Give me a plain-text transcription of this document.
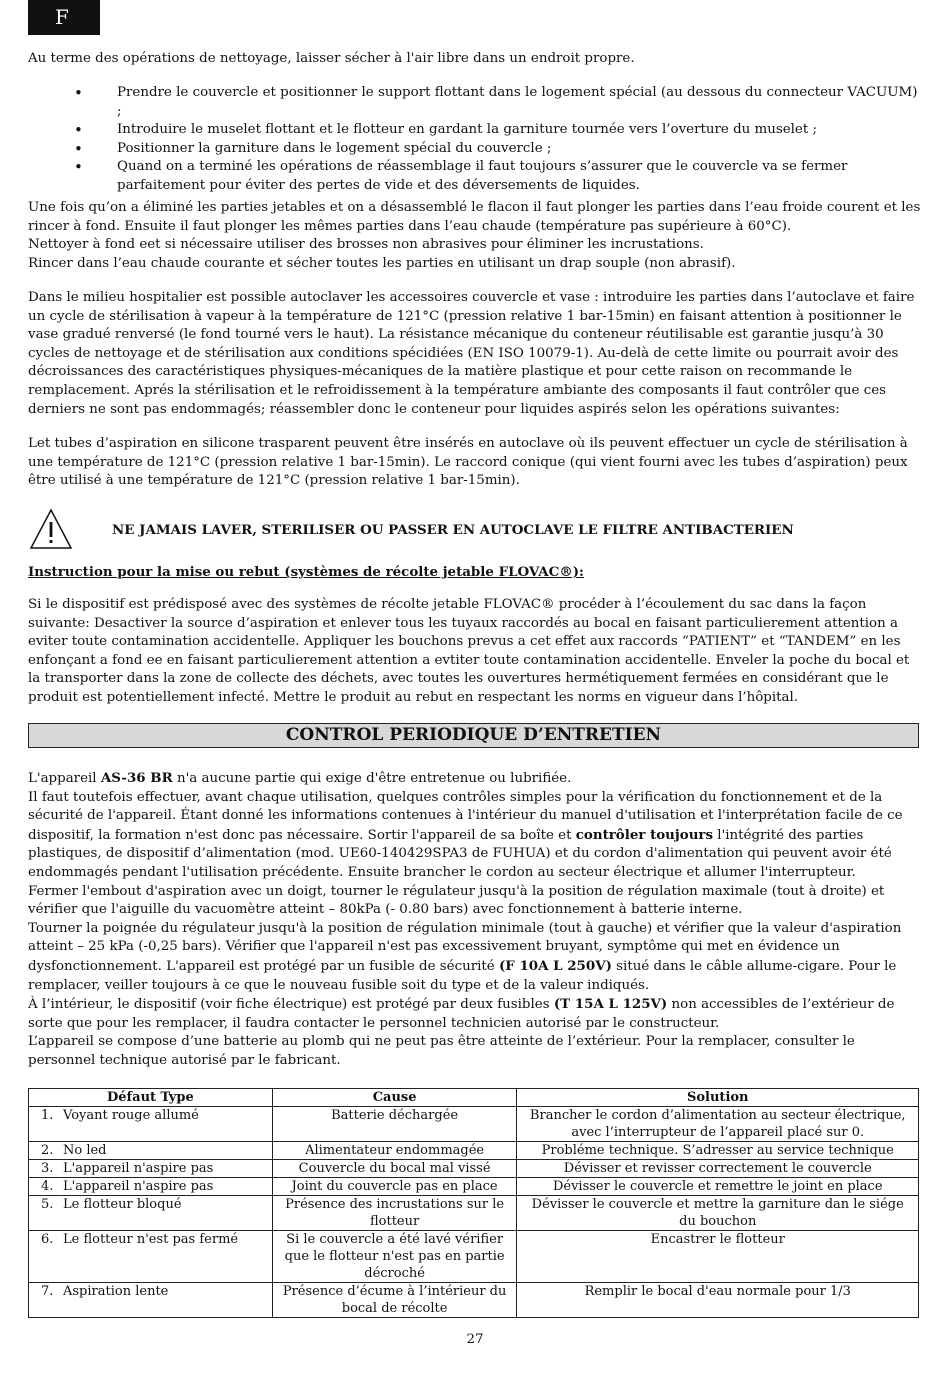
F

Au terme des opérations de nettoyage, laisser sécher à l'air libre dans un endroit propre.

• Prendre le couvercle et positionner le support flottant dans le logement spécial (au dessous du connecteur VACUUM) ;
• Introduire le muselet flottant et le flotteur en gardant la garniture tournée vers l’overture du muselet ;
• Positionner la garniture dans le logement spécial du couvercle ;
• Quand on a terminé les opérations de réassemblage il faut toujours s’assurer que le couvercle va se fermer parfaitement pour éviter des pertes de vide et des déversements de liquides.

Une fois qu’on a éliminé les parties jetables et on a désassemblé le flacon il faut plonger les parties dans l’eau froide courent et les rincer à fond. Ensuite il faut plonger les mêmes parties dans l’eau chaude (température pas supérieure à 60°C).
Nettoyer à fond eet si nécessaire utiliser des brosses non abrasives pour éliminer les incrustations.
Rincer dans l’eau chaude courante et sécher toutes les parties en utilisant un drap souple (non abrasif).

Dans le milieu hospitalier est possible autoclaver les accessoires couvercle et vase : introduire les parties dans l’autoclave et faire un cycle de stérilisation à vapeur à la température de 121°C (pression relative 1 bar-15min) en faisant attention à positionner le vase gradué renversé (le fond tourné vers le haut). La résistance mécanique du conteneur réutilisable est garantie jusqu’à 30 cycles de nettoyage et de stérilisation aux conditions spécidiées (EN ISO 10079-1). Au-delà de cette limite ou pourrait avoir des décroissances des caractéristiques physiques-mécaniques de la matière plastique et pour cette raison on recommande le remplacement. Aprés la stérilisation et le refroidissement à la température ambiante des composants il faut contrôler que ces derniers ne sont pas endommagés; réassembler donc le conteneur pour liquides aspirés selon les opérations suivantes:

Let tubes d’aspiration en silicone trasparent peuvent être insérés en autoclave où ils peuvent effectuer un cycle de stérilisation à une température de 121°C (pression relative 1 bar-15min). Le raccord conique (qui vient fourni avec les tubes d’aspiration) peux être utilisé à une température de 121°C (pression relative 1 bar-15min).

NE JAMAIS LAVER, STERILISER OU PASSER EN AUTOCLAVE LE FILTRE ANTIBACTERIEN
Instruction pour la mise ou rebut (systèmes de récolte jetable FLOVAC®):

Si le dispositif est prédisposé avec des systèmes de récolte jetable FLOVAC® procéder à l’écoulement du sac dans la façon suivante: Desactiver la source d’aspiration et enlever tous les tuyaux raccordés au bocal en faisant particulierement attention a eviter toute contamination accidentelle. Appliquer les bouchons prevus a cet effet aux raccords “PATIENT” et “TANDEM” en les enfonçant a fond ee en faisant particulierement attention a evtiter toute contamination accidentelle. Enveler la poche du bocal et la transporter dans la zone de collecte des déchets, avec toutes les ouvertures hermétiquement fermées en considérant que le produit est potentiellement infecté. Mettre le produit au rebut en respectant les norms en vigueur dans l’hôpital.

CONTROL PERIODIQUE D’ENTRETIEN
L'appareil AS-36 BR n'a aucune partie qui exige d'être entretenue ou lubrifiée.
Il faut toutefois effectuer, avant chaque utilisation, quelques contrôles simples pour la vérification du fonctionnement et de la sécurité de l'appareil. Étant donné les informations contenues à l'intérieur du manuel d'utilisation et l'interprétation facile de ce dispositif, la formation n'est donc pas nécessaire. Sortir l'appareil de sa boîte et contrôler toujours l'intégrité des parties plastiques, de dispositif d’alimentation (mod. UE60-140429SPA3 de FUHUA) et du cordon d'alimentation qui peuvent avoir été endommagés pendant l'utilisation précédente. Ensuite brancher le cordon au secteur électrique et allumer l'interrupteur.
Fermer l'embout d'aspiration avec un doigt, tourner le régulateur jusqu'à la position de régulation maximale (tout à droite) et vérifier que l'aiguille du vacuomètre atteint – 80kPa (- 0.80 bars) avec fonctionnement à batterie interne.
Tourner la poignée du régulateur jusqu'à la position de régulation minimale (tout à gauche) et vérifier que la valeur d'aspiration atteint – 25 kPa (-0,25 bars). Vérifier que l'appareil n'est pas excessivement bruyant, symptôme qui met en évidence un dysfonctionnement. L'appareil est protégé par un fusible de sécurité (F 10A L 250V) situé dans le câble allume-cigare. Pour le remplacer, veiller toujours à ce que le nouveau fusible soit du type et de la valeur indiqués.
À l’intérieur, le dispositif (voir fiche électrique) est protégé par deux fusibles (T 15A L 125V) non accessibles de l’extérieur de sorte que pour les remplacer, il faudra contacter le personnel technicien autorisé par le constructeur.
L’appareil se compose d’une batterie au plomb qui ne peut pas être atteinte de l’extérieur. Pour la remplacer, consulter le personnel technique autorisé par le fabricant.
Défaut Type	Cause	Solution
1. Voyant rouge allumé	Batterie déchargée	Brancher le cordon d’alimentation au secteur électrique, avec l’interrupteur de l’appareil placé sur 0.
2. No led	Alimentateur endommagée	Probléme technique. S’adresser au service technique
3. L'appareil n'aspire pas	Couvercle du bocal mal vissé	Dévisser et revisser correctement le couvercle
4. L'appareil n'aspire pas	Joint du couvercle pas en place	Dévisser le couvercle et remettre le joint en place
5. Le flotteur bloqué	Présence des incrustations sur le flotteur	Dévisser le couvercle et mettre la garniture dan le siége du bouchon
6. Le flotteur n'est pas fermé	Si le couvercle a été lavé vérifier que le flotteur n'est pas en partie décroché	Encastrer le flotteur
7. Aspiration lente	Présence d’écume à l’intérieur du bocal de récolte	Remplir le bocal d'eau normale pour 1/3
27
